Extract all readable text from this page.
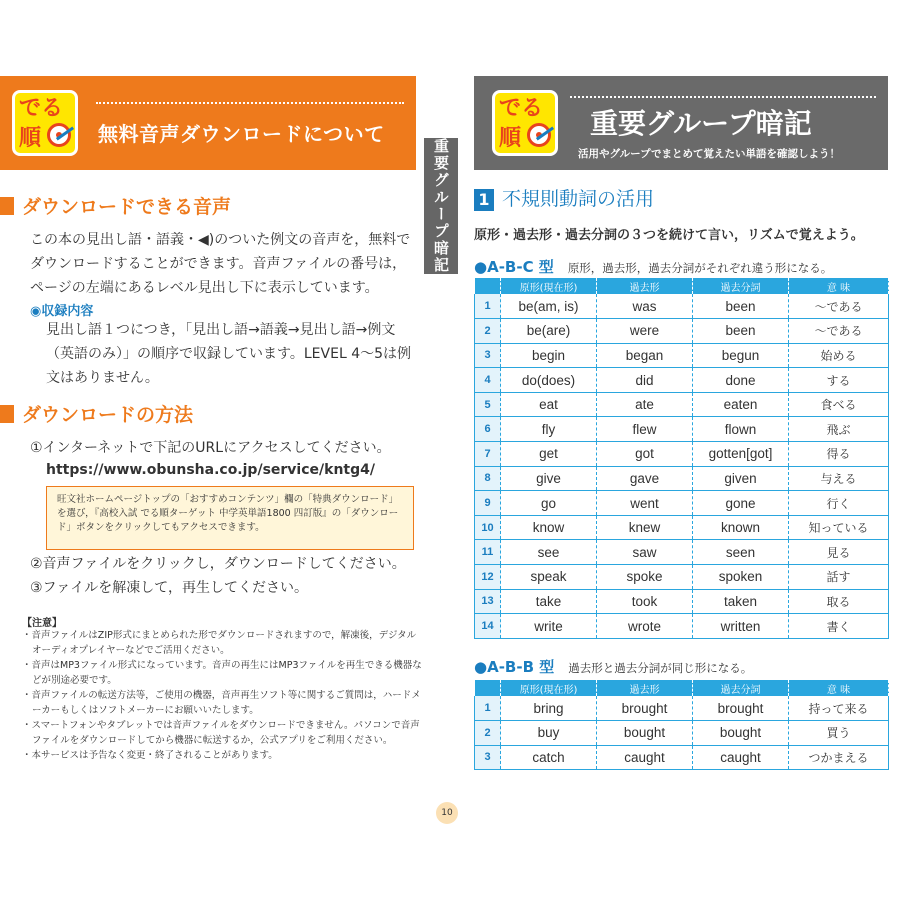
でる
順	無料音声ダウンロードについて
ダウンロードできる音声
この本の見出し語・語義・◀)のついた例文の音声を，無料でダウンロードすることができます。音声ファイルの番号は，ページの左端にあるレベル見出し下に表示しています。
◉収録内容
見出し語１つにつき，「見出し語→語義→見出し語→例文（英語のみ）」の順序で収録しています。LEVEL 4〜5は例文はありません。
ダウンロードの方法
①インターネットで下記のURLにアクセスしてください。
https://www.obunsha.co.jp/service/kntg4/
旺文社ホームページトップの「おすすめコンテンツ」欄の「特典ダウンロード」を選び，『高校入試 でる順ターゲット 中学英単語1800 四訂版』の「ダウンロード」ボタンをクリックしてもアクセスできます。
②音声ファイルをクリックし，ダウンロードしてください。
③ファイルを解凍して，再生してください。
【注意】
・音声ファイルはZIP形式にまとめられた形でダウンロードされますので，解凍後，デジタルオーディオプレイヤーなどでご活用ください。
・音声はMP3ファイル形式になっています。音声の再生にはMP3ファイルを再生できる機器などが別途必要です。
・音声ファイルの転送方法等，ご使用の機器，音声再生ソフト等に関するご質問は，ハードメーカーもしくはソフトメーカーにお願いいたします。
・スマートフォンやタブレットでは音声ファイルをダウンロードできません。パソコンで音声ファイルをダウンロードしてから機器に転送するか，公式アプリをご利用ください。
・本サービスは予告なく変更・終了されることがあります。
重要グループ暗記
10
でる
順 重要グループ暗記
活用やグループでまとめて覚えたい単語を確認しよう！
1 不規則動詞の活用
原形・過去形・過去分詞の３つを続けて言い，リズムで覚えよう。
●A-B-C 型 原形，過去形，過去分詞がそれぞれ違う形になる。
	原形(現在形)	過去形	過去分詞	意 味
1	be(am, is)	was	been	〜である
2	be(are)	were	been	〜である
3	begin	began	begun	始める
4	do(does)	did	done	する
5	eat	ate	eaten	食べる
6	fly	flew	flown	飛ぶ
7	get	got	gotten[got]	得る
8	give	gave	given	与える
9	go	went	gone	行く
10	know	knew	known	知っている
11	see	saw	seen	見る
12	speak	spoke	spoken	話す
13	take	took	taken	取る
14	write	wrote	written	書く
●A-B-B 型 過去形と過去分詞が同じ形になる。
	原形(現在形)	過去形	過去分詞	意 味
1	bring	brought	brought	持って来る
2	buy	bought	bought	買う
3	catch	caught	caught	つかまえる
